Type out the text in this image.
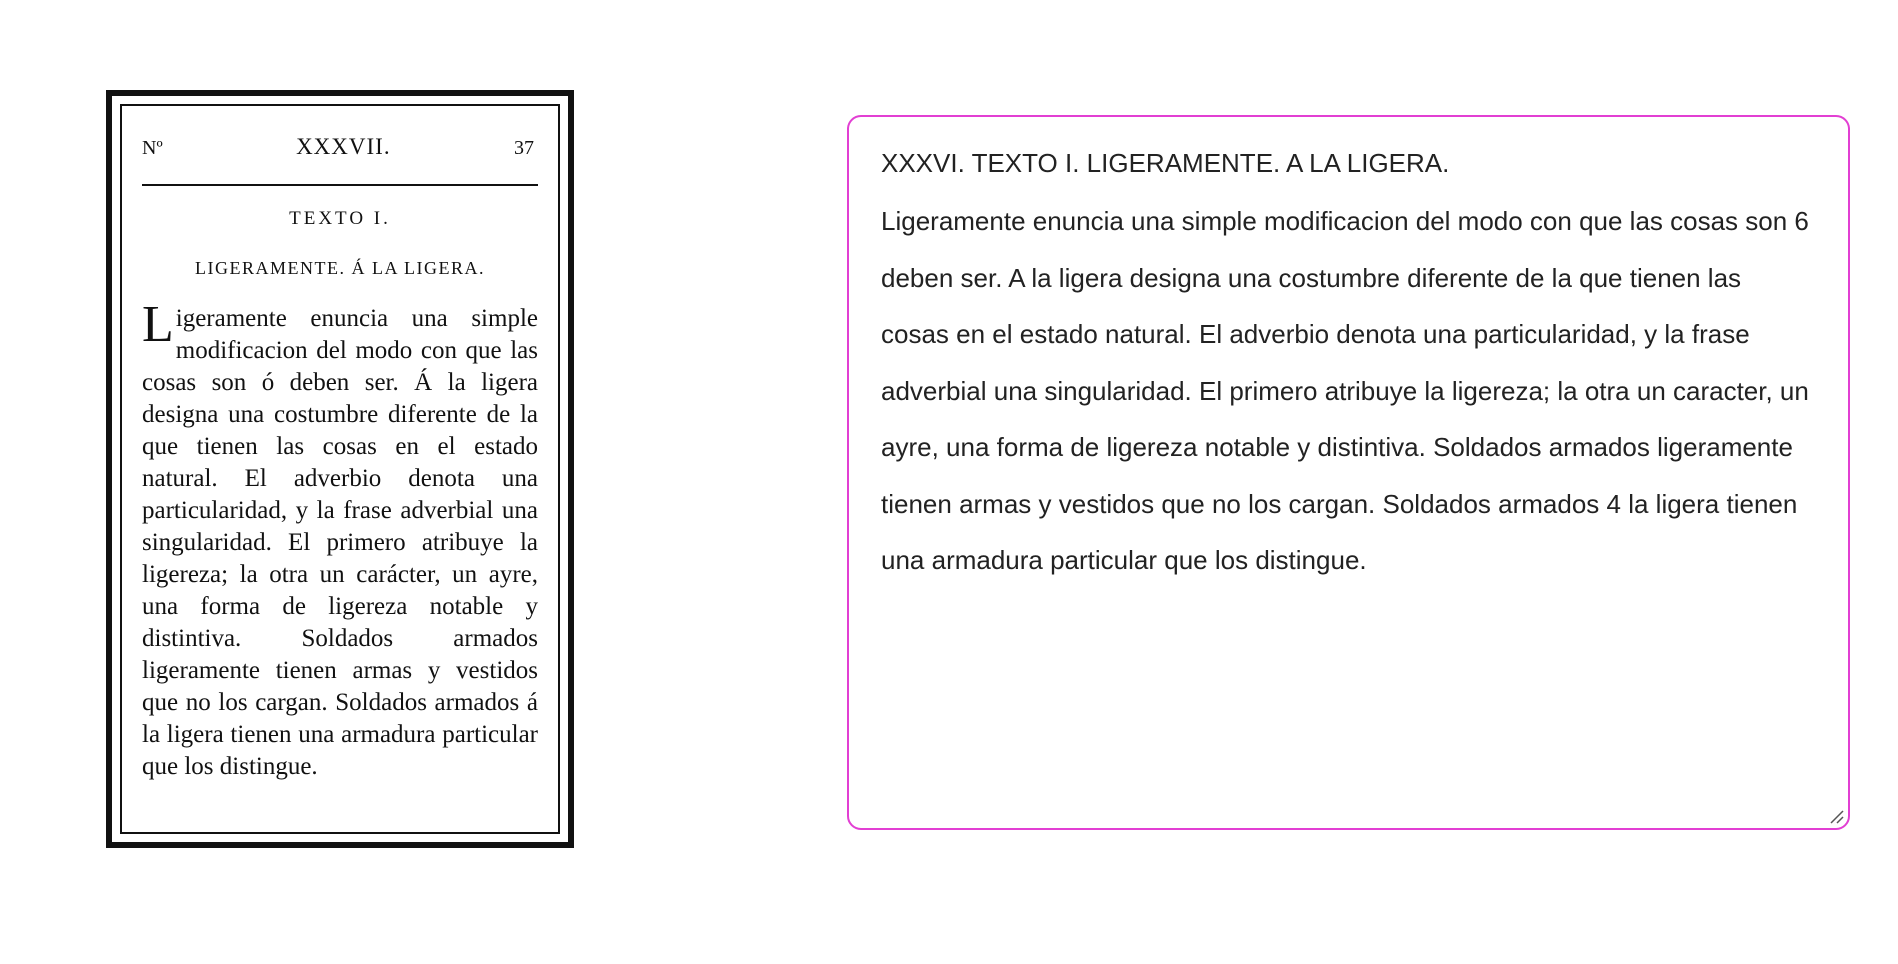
Nº	XXXVII.	37
TEXTO I.
LIGERAMENTE. Á LA LIGERA.
Ligeramente enuncia una simple modificacion del modo con que las cosas son ó deben ser. Á la ligera designa una costumbre diferente de la que tienen las cosas en el estado natural. El adverbio denota una particularidad, y la frase adverbial una singularidad. El primero atribuye la ligereza; la otra un carácter, un ayre, una forma de ligereza notable y distintiva. Soldados armados ligeramente tienen armas y vestidos que no los cargan. Soldados armados á la ligera tienen una armadura particular que los distingue.
XXXVI. TEXTO I. LIGERAMENTE. A LA LIGERA.
Ligeramente enuncia una simple modificacion del modo con que las cosas son 6 deben ser. A la ligera designa una costumbre diferente de la que tienen las cosas en el estado natural. El adverbio denota una particularidad, y la frase adverbial una singularidad. El primero atribuye la ligereza; la otra un caracter, un ayre, una forma de ligereza notable y distintiva. Soldados armados ligeramente tienen armas y vestidos que no los cargan. Soldados armados 4 la ligera tienen una armadura particular que los distingue.
